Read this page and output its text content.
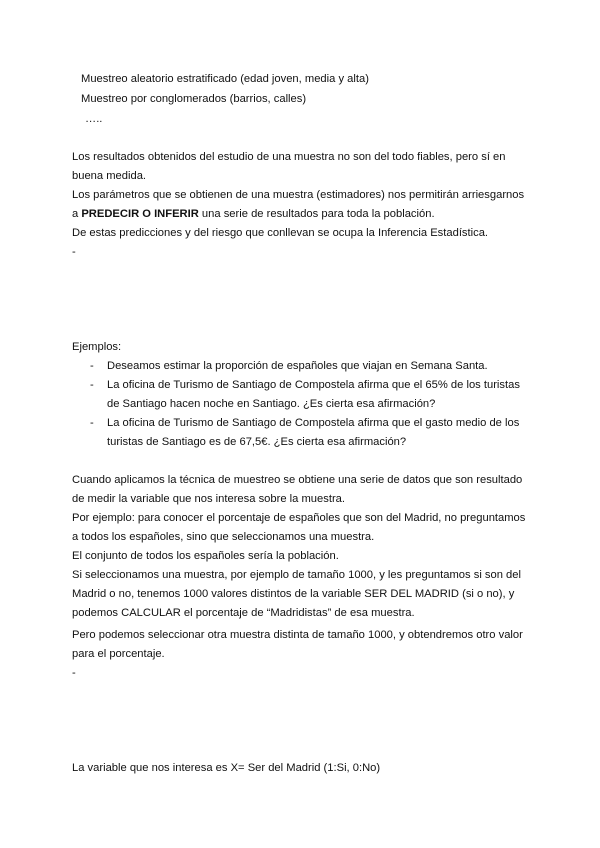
Muestreo aleatorio estratificado (edad joven, media y alta)
Muestreo por conglomerados (barrios, calles)
…..
Los resultados obtenidos del estudio de una muestra no son del todo fiables, pero sí en
buena medida.
Los parámetros que se obtienen de una muestra (estimadores) nos permitirán arriesgarnos
a PREDECIR O INFERIR una serie de resultados para toda la población.
De estas predicciones y del riesgo que conllevan se ocupa la Inferencia Estadística.
-
Ejemplos:
- Deseamos estimar la proporción de españoles que viajan en Semana Santa.
- La oficina de Turismo de Santiago de Compostela afirma que el 65% de los turistas
de Santiago hacen noche en Santiago. ¿Es cierta esa afirmación?
- La oficina de Turismo de Santiago de Compostela afirma que el gasto medio de los
turistas de Santiago es de 67,5€. ¿Es cierta esa afirmación?
Cuando aplicamos la técnica de muestreo se obtiene una serie de datos que son resultado
de medir la variable que nos interesa sobre la muestra.
Por ejemplo: para conocer el porcentaje de españoles que son del Madrid, no preguntamos
a todos los españoles, sino que seleccionamos una muestra.
El conjunto de todos los españoles sería la población.
Si seleccionamos una muestra, por ejemplo de tamaño 1000, y les preguntamos si son del
Madrid o no, tenemos 1000 valores distintos de la variable SER DEL MADRID (si o no), y
podemos CALCULAR el porcentaje de “Madridistas” de esa muestra.
Pero podemos seleccionar otra muestra distinta de tamaño 1000, y obtendremos otro valor
para el porcentaje.
-
La variable que nos interesa es X= Ser del Madrid (1:Si, 0:No)
